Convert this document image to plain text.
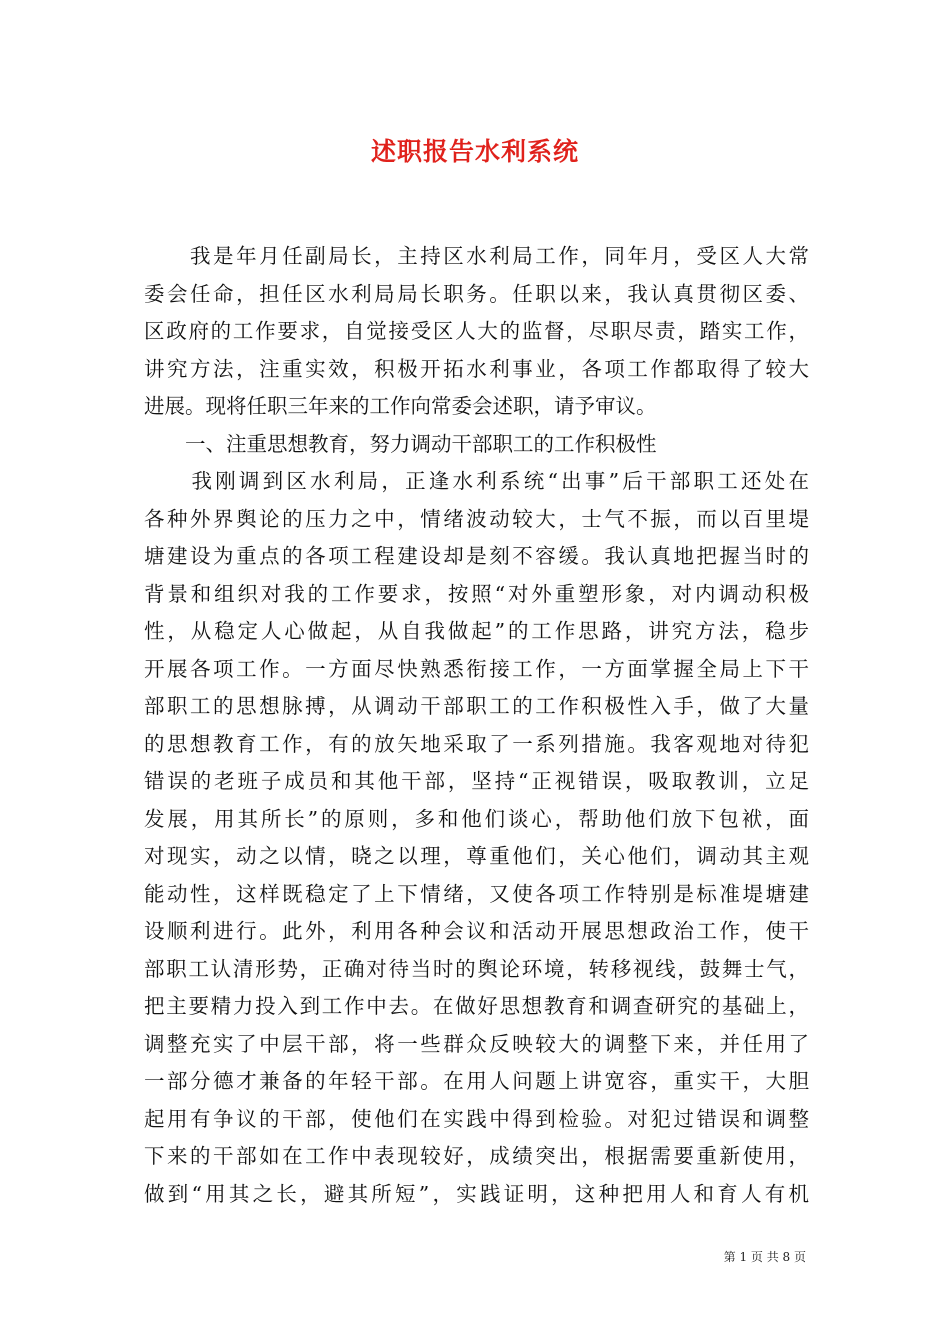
述职报告水利系统
　　我是年月任副局长，主持区水利局工作，同年月，受区人大常
委会任命，担任区水利局局长职务。任职以来，我认真贯彻区委、
区政府的工作要求，自觉接受区人大的监督，尽职尽责，踏实工作，
讲究方法，注重实效，积极开拓水利事业，各项工作都取得了较大
进展。现将任职三年来的工作向常委会述职，请予审议。
　　一、注重思想教育，努力调动干部职工的工作积极性
　　我刚调到区水利局，正逢水利系统“出事”后干部职工还处在
各种外界舆论的压力之中，情绪波动较大，士气不振，而以百里堤
塘建设为重点的各项工程建设却是刻不容缓。我认真地把握当时的
背景和组织对我的工作要求，按照“对外重塑形象，对内调动积极
性，从稳定人心做起，从自我做起”的工作思路，讲究方法，稳步
开展各项工作。一方面尽快熟悉衔接工作，一方面掌握全局上下干
部职工的思想脉搏，从调动干部职工的工作积极性入手，做了大量
的思想教育工作，有的放矢地采取了一系列措施。我客观地对待犯
错误的老班子成员和其他干部，坚持“正视错误，吸取教训，立足
发展，用其所长”的原则，多和他们谈心，帮助他们放下包袱，面
对现实，动之以情，晓之以理，尊重他们，关心他们，调动其主观
能动性，这样既稳定了上下情绪，又使各项工作特别是标准堤塘建
设顺利进行。此外，利用各种会议和活动开展思想政治工作，使干
部职工认清形势，正确对待当时的舆论环境，转移视线，鼓舞士气，
把主要精力投入到工作中去。在做好思想教育和调查研究的基础上，
调整充实了中层干部，将一些群众反映较大的调整下来，并任用了
一部分德才兼备的年轻干部。在用人问题上讲宽容，重实干，大胆
起用有争议的干部，使他们在实践中得到检验。对犯过错误和调整
下来的干部如在工作中表现较好，成绩突出，根据需要重新使用，
做到“用其之长，避其所短”，实践证明，这种把用人和育人有机
第 1 页 共 8 页
